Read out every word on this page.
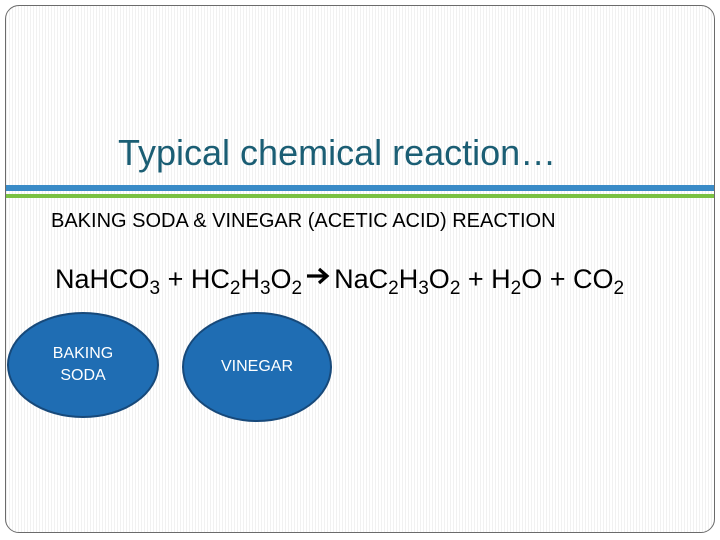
Typical chemical reaction…
BAKING SODA & VINEGAR (ACETIC ACID) REACTION
NaHCO$_3$ + $HC_2H_3O_2$ $NaC_2H_3O_2 + H_2O + CO_2$
BAKING
SODA
VINEGAR
